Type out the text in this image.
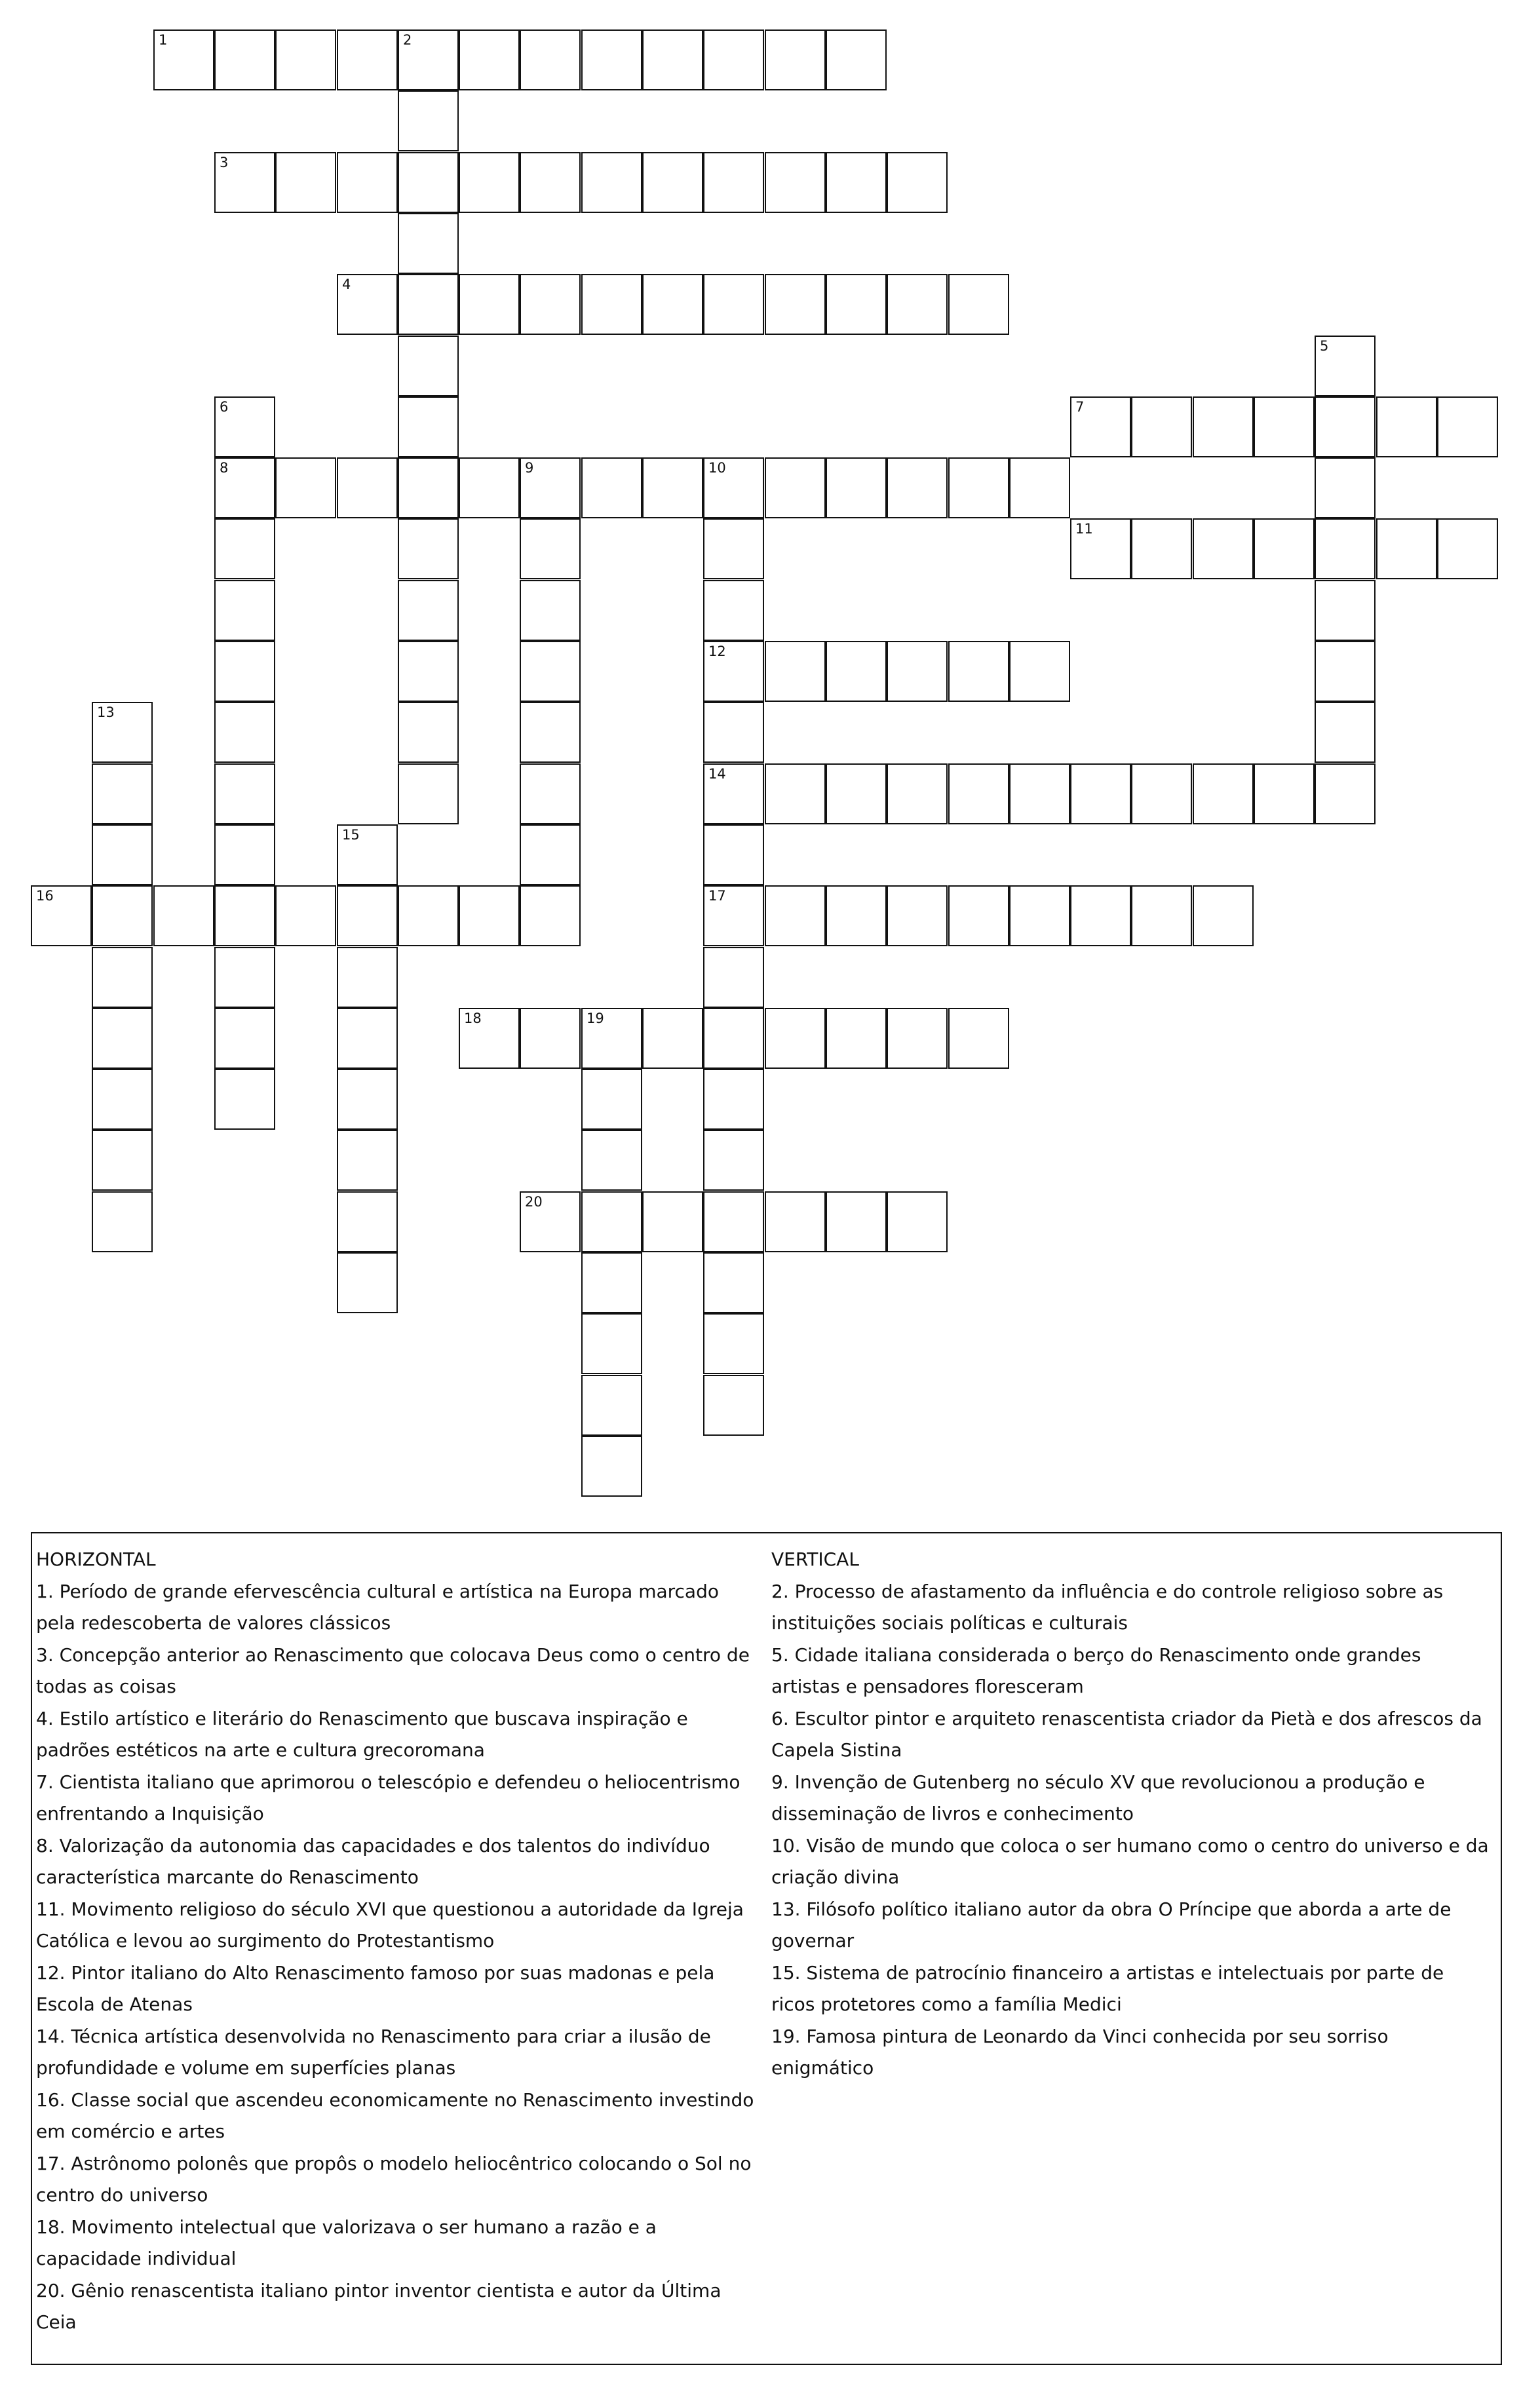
1	2
3
4
5
6
8
7
9	10
12
14
17
11
13
15
16
18	19
20

HORIZONTAL

1. Período de grande efervescência cultural e artística na Europa marcado pela redescoberta de valores clássicos

3. Concepção anterior ao Renascimento que colocava Deus como o centro de todas as coisas

4. Estilo artístico e literário do Renascimento que buscava inspiração e padrões estéticos na arte e cultura grecoromana

7. Cientista italiano que aprimorou o telescópio e defendeu o heliocentrismo enfrentando a Inquisição

8. Valorização da autonomia das capacidades e dos talentos do indivíduo característica marcante do Renascimento

11. Movimento religioso do século XVI que questionou a autoridade da Igreja Católica e levou ao surgimento do Protestantismo

12. Pintor italiano do Alto Renascimento famoso por suas madonas e pela Escola de Atenas

14. Técnica artística desenvolvida no Renascimento para criar a ilusão de profundidade e volume em superfícies planas

16. Classe social que ascendeu economicamente no Renascimento investindo em comércio e artes

17. Astrônomo polonês que propôs o modelo heliocêntrico colocando o Sol no centro do universo

18. Movimento intelectual que valorizava o ser humano a razão e a capacidade individual

20. Gênio renascentista italiano pintor inventor cientista e autor da Última Ceia

VERTICAL

2. Processo de afastamento da influência e do controle religioso sobre as instituições sociais políticas e culturais

5. Cidade italiana considerada o berço do Renascimento onde grandes artistas e pensadores floresceram

6. Escultor pintor e arquiteto renascentista criador da Pietà e dos afrescos da Capela Sistina

9. Invenção de Gutenberg no século XV que revolucionou a produção e disseminação de livros e conhecimento

10. Visão de mundo que coloca o ser humano como o centro do universo e da criação divina

13. Filósofo político italiano autor da obra O Príncipe que aborda a arte de governar

15. Sistema de patrocínio financeiro a artistas e intelectuais por parte de ricos protetores como a família Medici

19. Famosa pintura de Leonardo da Vinci conhecida por seu sorriso enigmático
